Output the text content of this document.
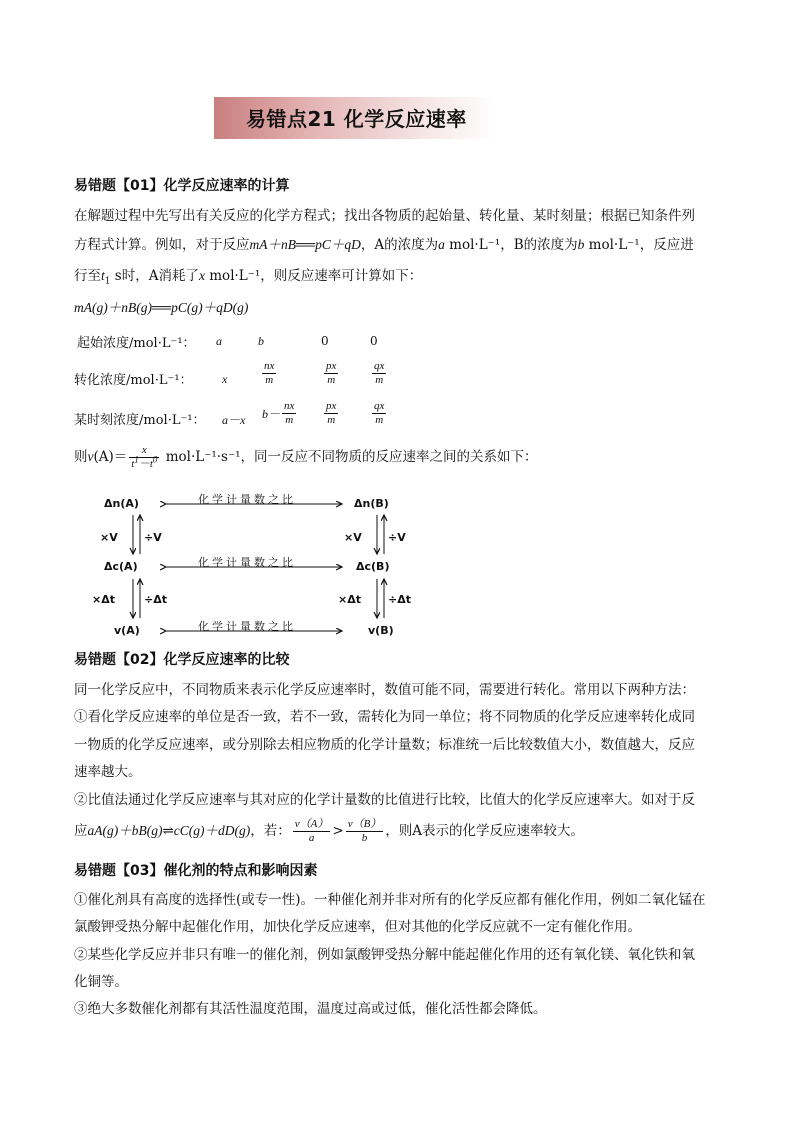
易错点21 化学反应速率
易错题【01】化学反应速率的计算
在解题过程中先写出有关反应的化学方程式；找出各物质的起始量、转化量、某时刻量；根据已知条件列
方程式计算。例如，对于反应mA＋nB══pC＋qD，A的浓度为a mol·L⁻¹，B的浓度为b mol·L⁻¹，反应进
行至$t_1$ s时，A消耗了x mol·L⁻¹，则反应速率可计算如下：
mA(g)＋nB(g)══pC(g)＋qD(g)
起始浓度/mol·L⁻¹： a	b	0	0
转化浓度/mol·L⁻¹： x	$\frac{nx}{m}$	$\frac{px}{m}$	$\frac{qx}{m}$
某时刻浓度/mol·L⁻¹： a－x $b- \frac{nx}{m}$	$\frac{px}{m}$	$\frac{qx}{m}$
则$v(A)= \frac{x}{t^1-t^0} mol\cdot L^{-1}\cdot s^{-1}$，同一反应不同物质的反应速率之间的关系如下：
Δn(A)	Δn(B)
Δc(A)	Δc(B)
v(A)	v(B)
化学计量数之比
化学计量数之比
化学计量数之比
×V ÷V	×V ÷V
×Δt	÷Δt	×Δt ÷Δt
易错题【02】化学反应速率的比较
同一化学反应中，不同物质来表示化学反应速率时，数值可能不同，需要进行转化。常用以下两种方法：
①看化学反应速率的单位是否一致，若不一致，需转化为同一单位；将不同物质的化学反应速率转化成同
一物质的化学反应速率，或分别除去相应物质的化学计量数；标准统一后比较数值大小，数值越大，反应
速率越大。
②比值法通过化学反应速率与其对应的化学计量数的比值进行比较，比值大的化学反应速率大。如对于反
应aA(g)＋bB(g)⇌cC(g)＋dD(g)，若： $\frac{v(A)}{a} > \frac{v(B)}{b}$ ，则A表示的化学反应速率较大。
易错题【03】催化剂的特点和影响因素
①催化剂具有高度的选择性(或专一性)。一种催化剂并非对所有的化学反应都有催化作用，例如二氧化锰在
氯酸钾受热分解中起催化作用，加快化学反应速率，但对其他的化学反应就不一定有催化作用。
②某些化学反应并非只有唯一的催化剂，例如氯酸钾受热分解中能起催化作用的还有氧化镁、氧化铁和氧
化铜等。
③绝大多数催化剂都有其活性温度范围，温度过高或过低，催化活性都会降低。
